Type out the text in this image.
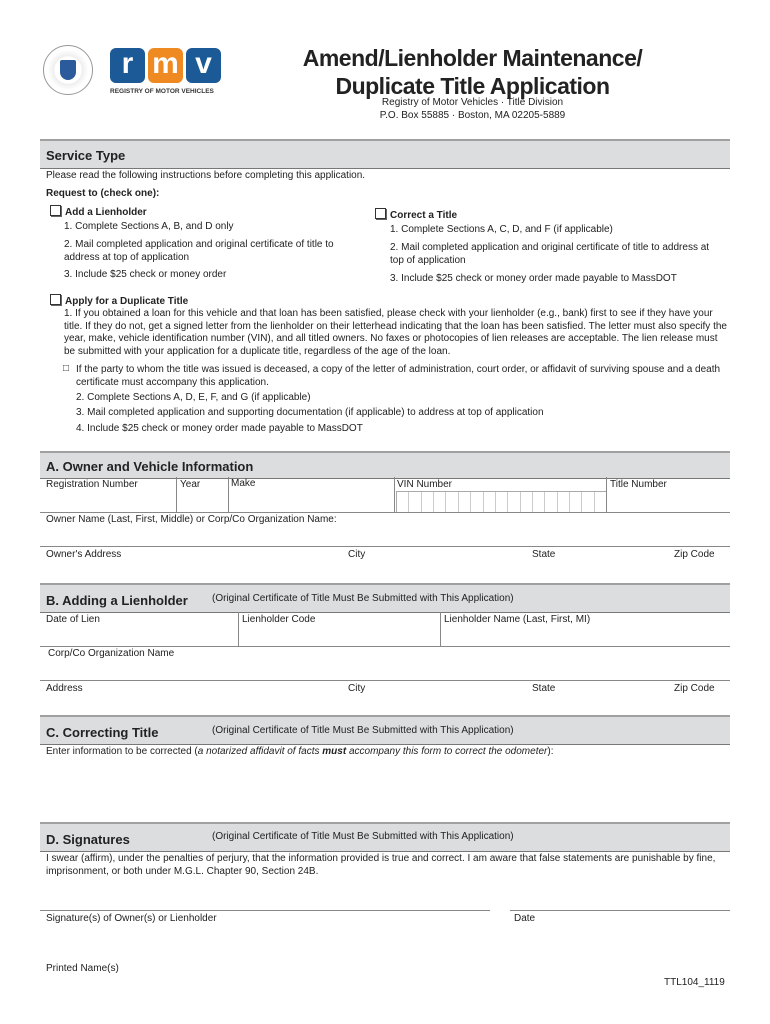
r m v
REGISTRY OF MOTOR VEHICLES
Amend/Lienholder Maintenance/
Duplicate Title Application
Registry of Motor Vehicles · Title Division
P.O. Box 55885 · Boston, MA 02205-5889
Service Type
Please read the following instructions before completing this application.
Request to (check one):
Add a Lienholder
1. Complete Sections A, B, and D only
2. Mail completed application and original certificate of title to address at top of application
3. Include $25 check or money order
Correct a Title
1. Complete Sections A, C, D, and F (if applicable)
2. Mail completed application and original certificate of title to address at top of application
3. Include $25 check or money order made payable to MassDOT
Apply for a Duplicate Title
1. If you obtained a loan for this vehicle and that loan has been satisfied, please check with your lienholder (e.g., bank) first to see if they have your title. If they do not, get a signed letter from the lienholder on their letterhead indicating that the loan has been satisfied. The letter must also specify the year, make, vehicle identification number (VIN), and all titled owners. No faxes or photocopies of lien releases are acceptable. The lien release must be submitted with your application for a duplicate title, regardless of the age of the loan.
□ If the party to whom the title was issued is deceased, a copy of the letter of administration, court order, or affidavit of surviving spouse and a death certificate must accompany this application.
2. Complete Sections A, D, E, F, and G (if applicable)
3. Mail completed application and supporting documentation (if applicable) to address at top of application
4. Include $25 check or money order made payable to MassDOT
A. Owner and Vehicle Information
Registration Number	Year	Make	VIN Number	Title Number
Owner Name (Last, First, Middle) or Corp/Co Organization Name:
Owner's Address	City	State	Zip Code
B. Adding a Lienholder (Original Certificate of Title Must Be Submitted with This Application)
Date of Lien	Lienholder Code	Lienholder Name (Last, First, MI)
Corp/Co Organization Name
Address	City	State	Zip Code
C. Correcting Title	(Original Certificate of Title Must Be Submitted with This Application)
Enter information to be corrected (a notarized affidavit of facts must accompany this form to correct the odometer):
D. Signatures	(Original Certificate of Title Must Be Submitted with This Application)
I swear (affirm), under the penalties of perjury, that the information provided is true and correct. I am aware that false statements are punishable by fine, imprisonment, or both under M.G.L. Chapter 90, Section 24B.
Signature(s) of Owner(s) or Lienholder	Date
Printed Name(s)
TTL104_1119
